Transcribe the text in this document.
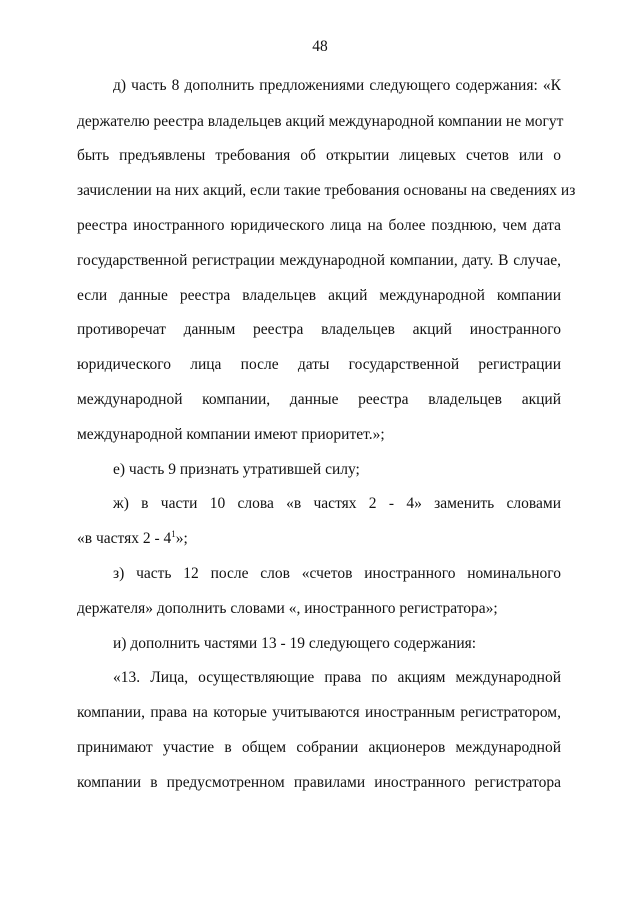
48
д) часть 8 дополнить предложениями следующего содержания: «К
держателю реестра владельцев акций международной компании не могут
быть предъявлены требования об открытии лицевых счетов или о
зачислении на них акций, если такие требования основаны на сведениях из
реестра иностранного юридического лица на более позднюю, чем дата
государственной регистрации международной компании, дату. В случае,
если данные реестра владельцев акций международной компании
противоречат данным реестра владельцев акций иностранного
юридического лица после даты государственной регистрации
международной компании, данные реестра владельцев акций
международной компании имеют приоритет.»;
е) часть 9 признать утратившей силу;
ж) в части 10 слова «в частях 2 - 4» заменить словами
«в частях $2 - 4^1$»;
з) часть 12 после слов «счетов иностранного номинального
держателя» дополнить словами «, иностранного регистратора»;
и) дополнить частями 13 - 19 следующего содержания:
«13. Лица, осуществляющие права по акциям международной
компании, права на которые учитываются иностранным регистратором,
принимают участие в общем собрании акционеров международной
компании в предусмотренном правилами иностранного регистратора
